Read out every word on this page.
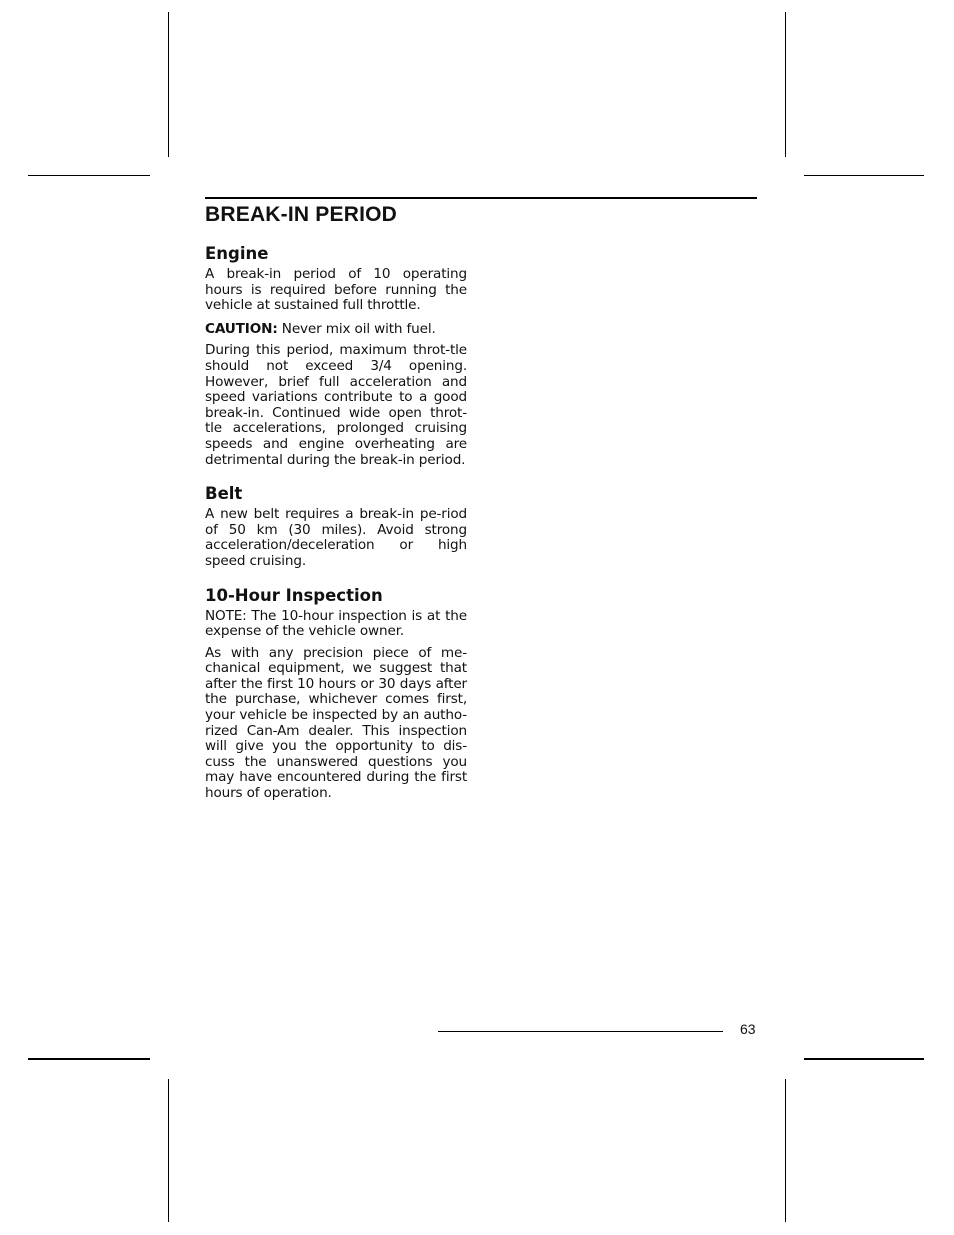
BREAK-IN PERIOD
Engine

A break-in period of 10 operating hours is required before running the vehicle at sustained full throttle.

CAUTION: Never mix oil with fuel.

During this period, maximum throt-tle should not exceed 3/4 opening. However, brief full acceleration and speed variations contribute to a good break-in. Continued wide open throt-tle accelerations, prolonged cruising speeds and engine overheating are detrimental during the break-in period.

Belt

A new belt requires a break-in pe-riod of 50 km (30 miles). Avoid strong acceleration/deceleration or high speed cruising.

10-Hour Inspection

NOTE: The 10-hour inspection is at the expense of the vehicle owner.

As with any precision piece of me-chanical equipment, we suggest that after the first 10 hours or 30 days after the purchase, whichever comes first, your vehicle be inspected by an autho-rized Can-Am dealer. This inspection will give you the opportunity to dis-cuss the unanswered questions you may have encountered during the first hours of operation.

63
